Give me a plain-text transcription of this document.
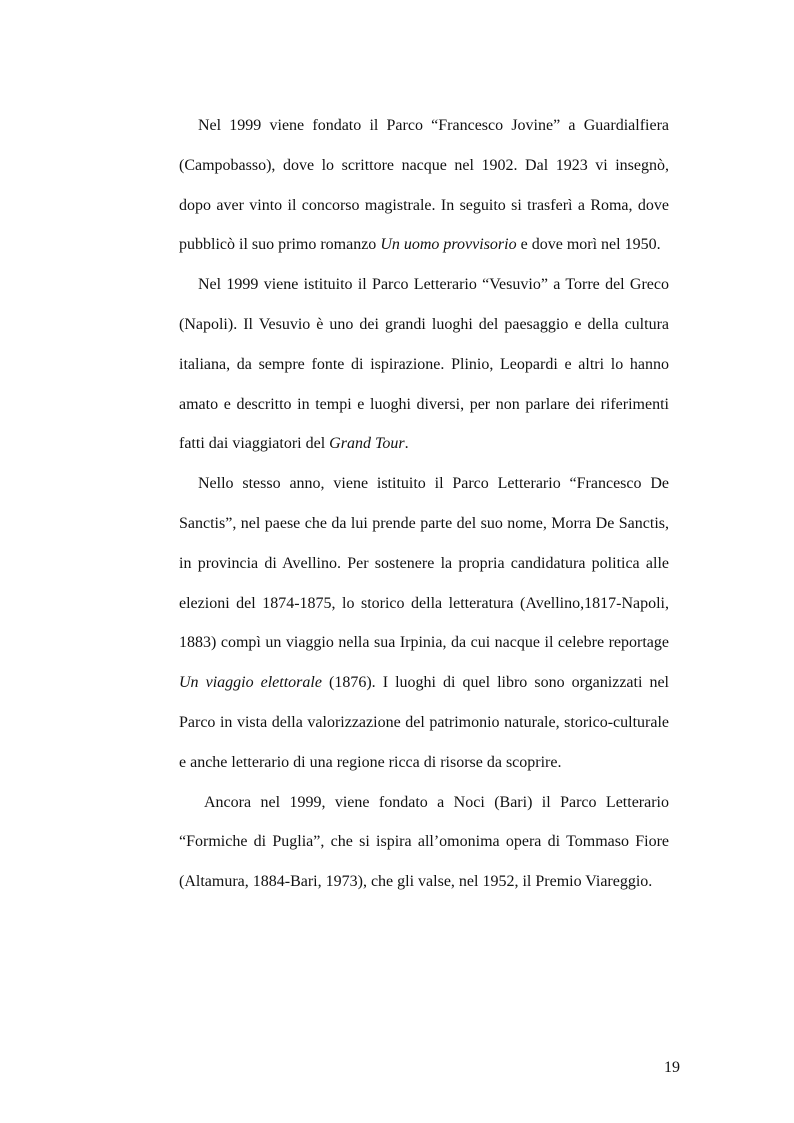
Nel 1999 viene fondato il Parco “Francesco Jovine” a Guardialfiera (Campobasso), dove lo scrittore nacque nel 1902. Dal 1923 vi insegnò, dopo aver vinto il concorso magistrale. In seguito si trasferì a Roma, dove pubblicò il suo primo romanzo Un uomo provvisorio e dove morì nel 1950.

Nel 1999 viene istituito il Parco Letterario “Vesuvio” a Torre del Greco (Napoli). Il Vesuvio è uno dei grandi luoghi del paesaggio e della cultura italiana, da sempre fonte di ispirazione. Plinio, Leopardi e altri lo hanno amato e descritto in tempi e luoghi diversi, per non parlare dei riferimenti fatti dai viaggiatori del Grand Tour.

Nello stesso anno, viene istituito il Parco Letterario “Francesco De Sanctis”, nel paese che da lui prende parte del suo nome, Morra De Sanctis, in provincia di Avellino. Per sostenere la propria candidatura politica alle elezioni del 1874-1875, lo storico della letteratura (Avellino,1817-Napoli, 1883) compì un viaggio nella sua Irpinia, da cui nacque il celebre reportage Un viaggio elettorale (1876). I luoghi di quel libro sono organizzati nel Parco in vista della valorizzazione del patrimonio naturale, storico-culturale e anche letterario di una regione ricca di risorse da scoprire.

Ancora nel 1999, viene fondato a Noci (Bari) il Parco Letterario “Formiche di Puglia”, che si ispira all’omonima opera di Tommaso Fiore (Altamura, 1884-Bari, 1973), che gli valse, nel 1952, il Premio Viareggio.

19
